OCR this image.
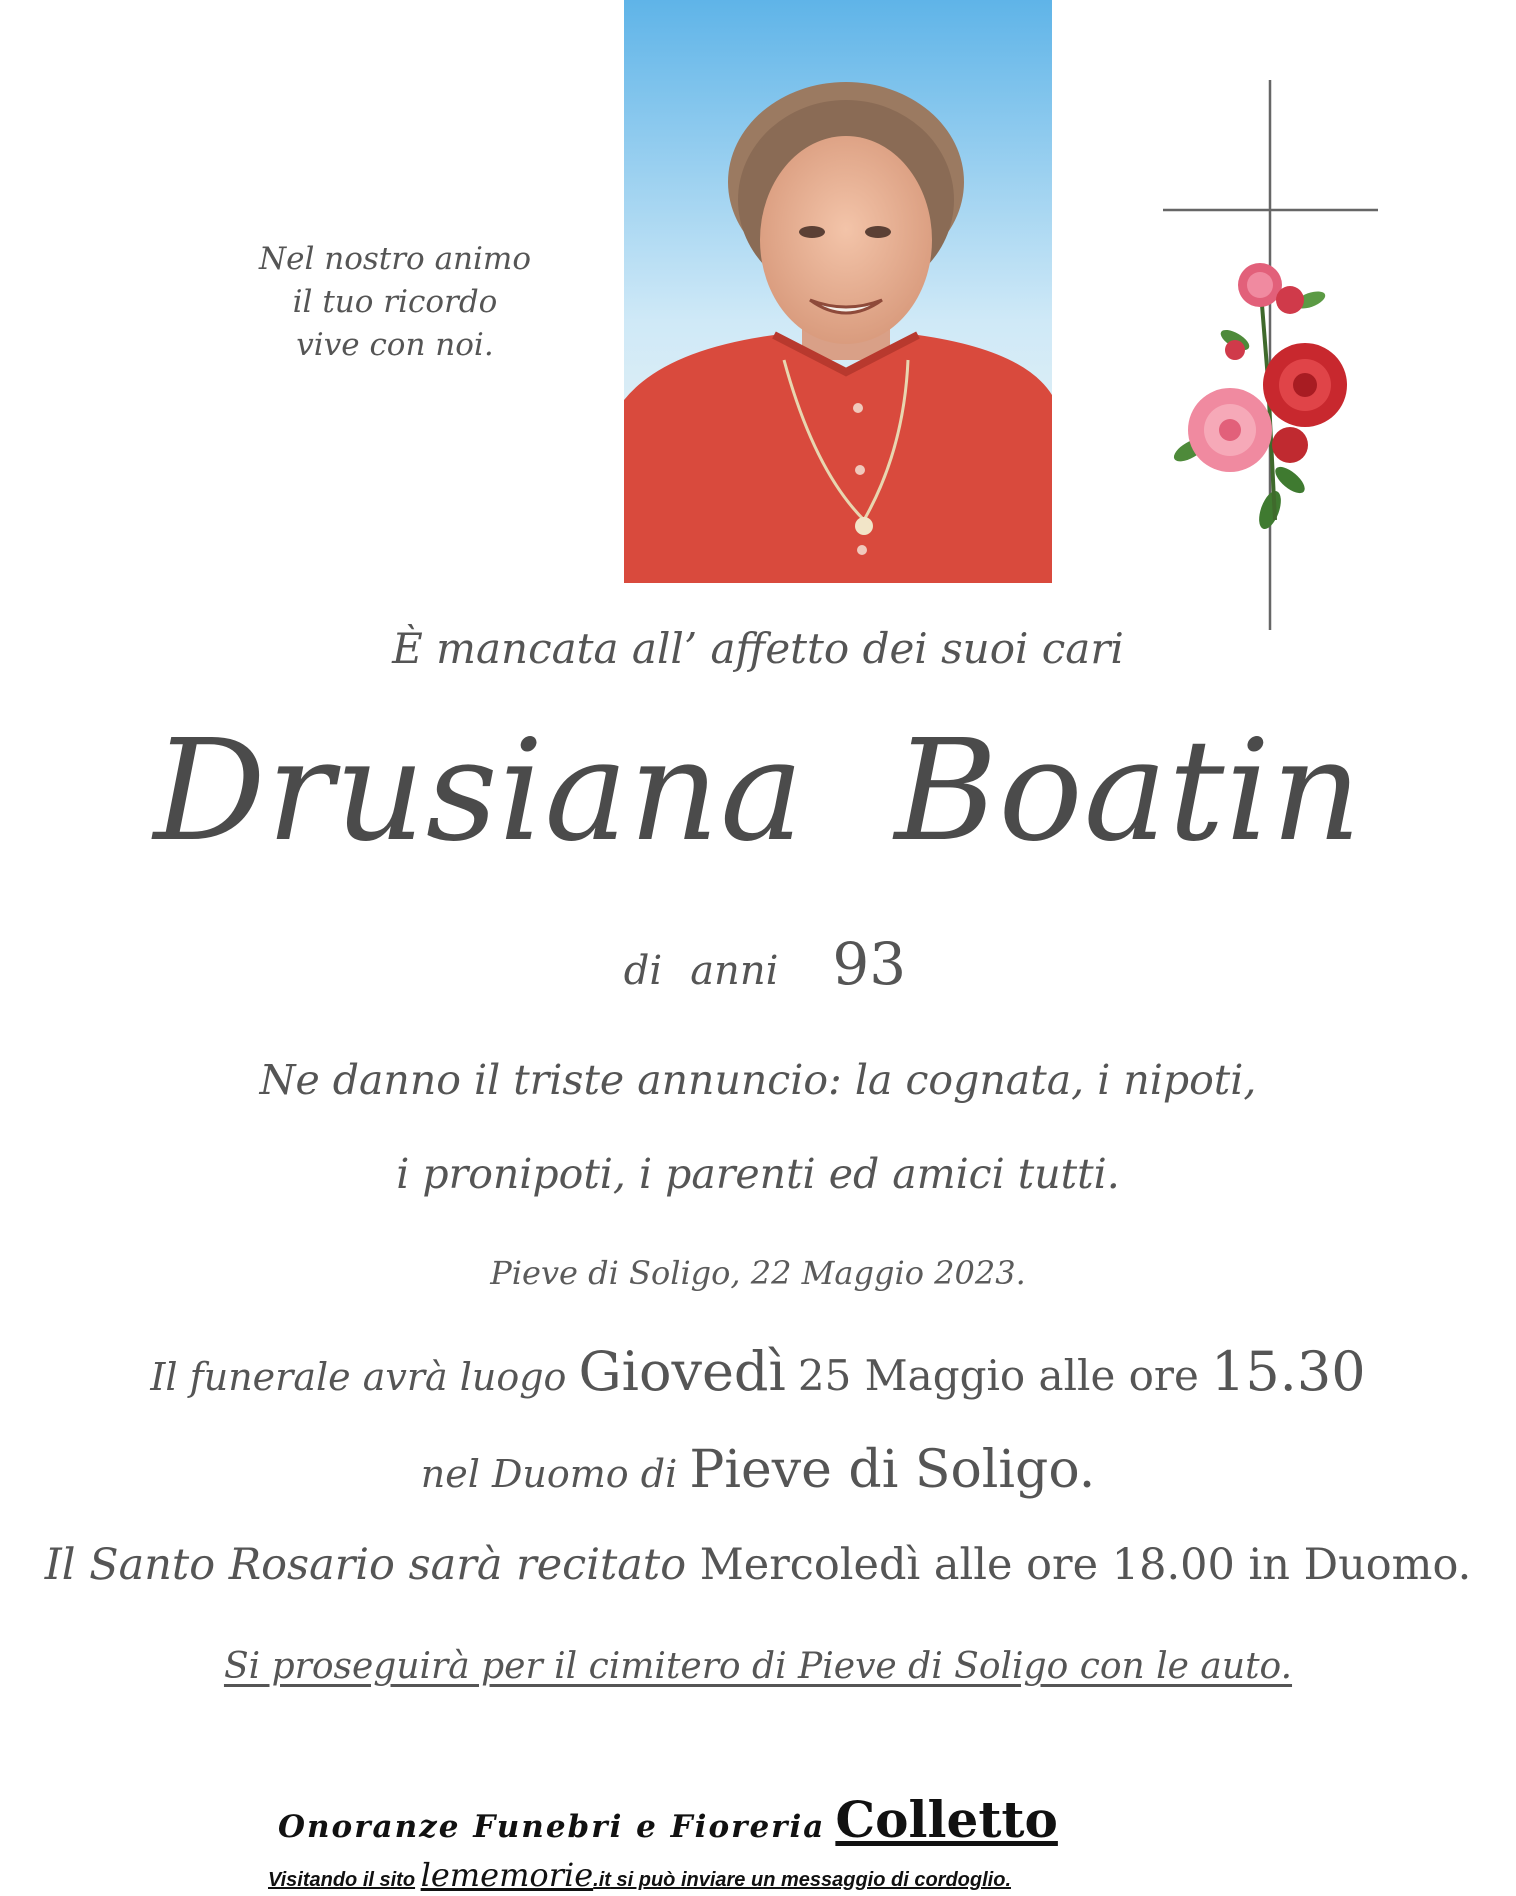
Nel nostro animo
il tuo ricordo
vive con noi.
È mancata all’ affetto dei suoi cari
Drusiana Boatin
di anni 93
Ne danno il triste annuncio: la cognata, i nipoti,
i pronipoti, i parenti ed amici tutti.
Pieve di Soligo, 22 Maggio 2023.
Il funerale avrà luogo Giovedì 25 Maggio alle ore 15.30
nel Duomo di Pieve di Soligo.
Il Santo Rosario sarà recitato Mercoledì alle ore 18.00 in Duomo.
Si proseguirà per il cimitero di Pieve di Soligo con le auto.
Onoranze Funebri e Fioreria Colletto
Visitando il sito lememorie.it si può inviare un messaggio di cordoglio.
